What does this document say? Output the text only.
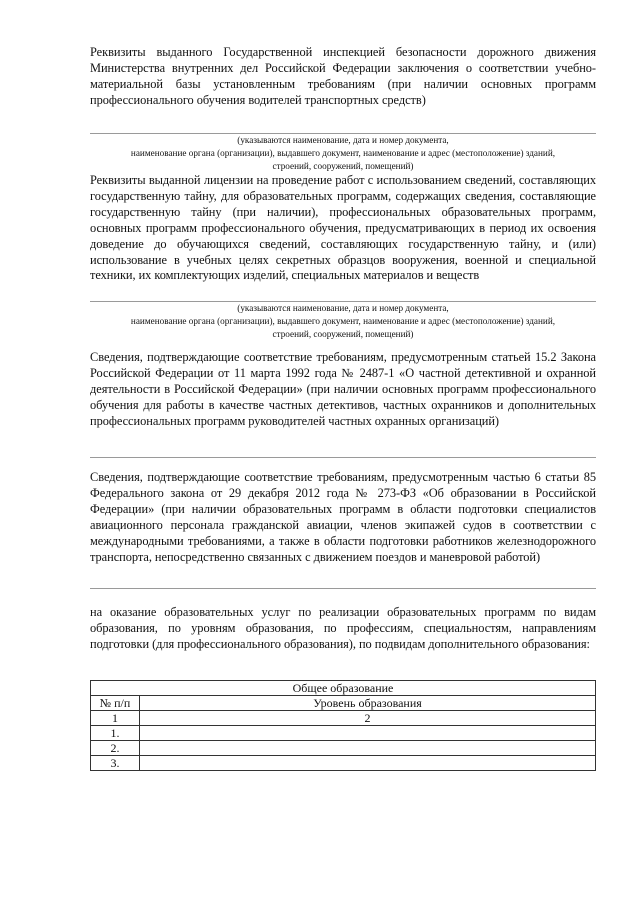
Реквизиты выданного Государственной инспекцией безопасности дорожного движения Министерства внутренних дел Российской Федерации заключения о соответствии учебно-материальной базы установленным требованиям (при наличии основных программ профессионального обучения водителей транспортных средств)

(указываются наименование, дата и номер документа,

наименование органа (организации), выдавшего документ, наименование и адрес (местоположение) зданий,

строений, сооружений, помещений)

Реквизиты выданной лицензии на проведение работ с использованием сведений, составляющих государственную тайну, для образовательных программ, содержащих сведения, составляющие государственную тайну (при наличии), профессиональных образовательных программ, основных программ профессионального обучения, предусматривающих в период их освоения доведение до обучающихся сведений, составляющих государственную тайну, и (или) использование в учебных целях секретных образцов вооружения, военной и специальной техники, их комплектующих изделий, специальных материалов и веществ

(указываются наименование, дата и номер документа,

наименование органа (организации), выдавшего документ, наименование и адрес (местоположение) зданий,

строений, сооружений, помещений)

Сведения, подтверждающие соответствие требованиям, предусмотренным статьей 15.2 Закона Российской Федерации от 11 марта 1992 года № 2487-1 «О частной детективной и охранной деятельности в Российской Федерации» (при наличии основных программ профессионального обучения для работы в качестве частных детективов, частных охранников и дополнительных профессиональных программ руководителей частных охранных организаций)

Сведения, подтверждающие соответствие требованиям, предусмотренным частью 6 статьи 85 Федерального закона от 29 декабря 2012 года № 273-ФЗ «Об образовании в Российской Федерации» (при наличии образовательных программ в области подготовки специалистов авиационного персонала гражданской авиации, членов экипажей судов в соответствии с международными требованиями, а также в области подготовки работников железнодорожного транспорта, непосредственно связанных с движением поездов и маневровой работой)

на оказание образовательных услуг по реализации образовательных программ по видам образования, по уровням образования, по профессиям, специальностям, направлениям подготовки (для профессионального образования), по подвидам дополнительного образования:

Общее образование	
№ п/п	Уровень образования
1	2
1.	
2.	
3.	
